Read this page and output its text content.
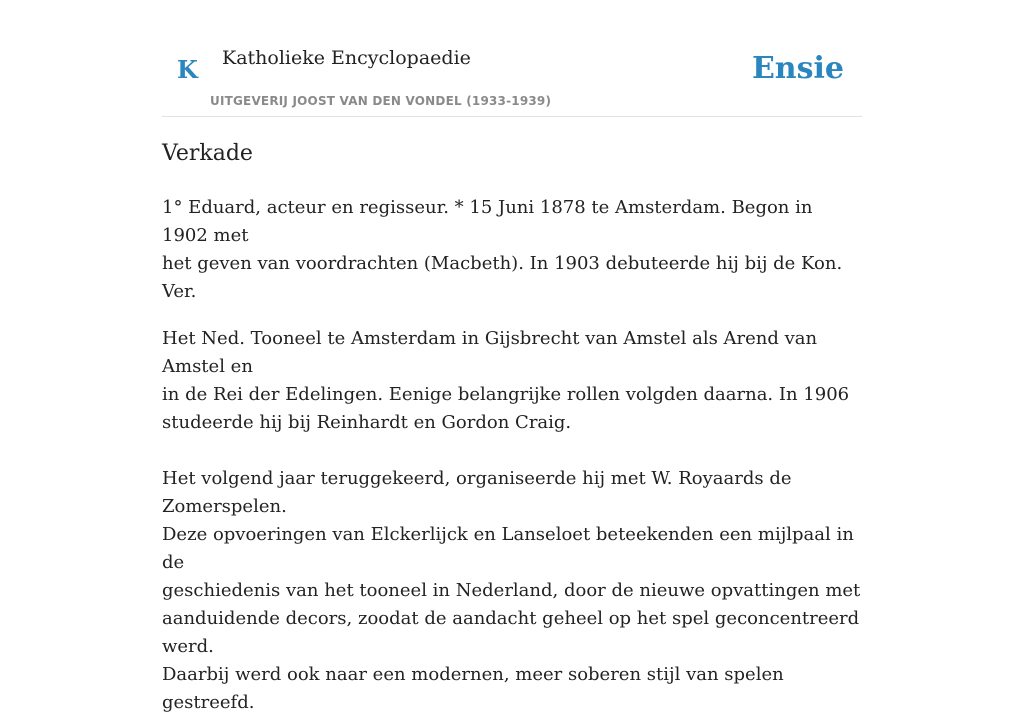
K Katholieke Encyclopaedie
UITGEVERIJ JOOST VAN DEN VONDEL (1933-1939)
Ensie
Verkade

1° Eduard, acteur en regisseur. * 15 Juni 1878 te Amsterdam. Begon in 1902 met
het geven van voordrachten (Macbeth). In 1903 debuteerde hij bij de Kon. Ver.

Het Ned. Tooneel te Amsterdam in Gijsbrecht van Amstel als Arend van Amstel en
in de Rei der Edelingen. Eenige belangrijke rollen volgden daarna. In 1906
studeerde hij bij Reinhardt en Gordon Craig.

Het volgend jaar teruggekeerd, organiseerde hij met W. Royaards de Zomerspelen.
Deze opvoeringen van Elckerlijck en Lanseloet beteekenden een mijlpaal in de
geschiedenis van het tooneel in Nederland, door de nieuwe opvattingen met
aanduidende decors, zoodat de aandacht geheel op het spel geconcentreerd werd.
Daarbij werd ook naar een modernen, meer soberen stijl van spelen gestreefd.
